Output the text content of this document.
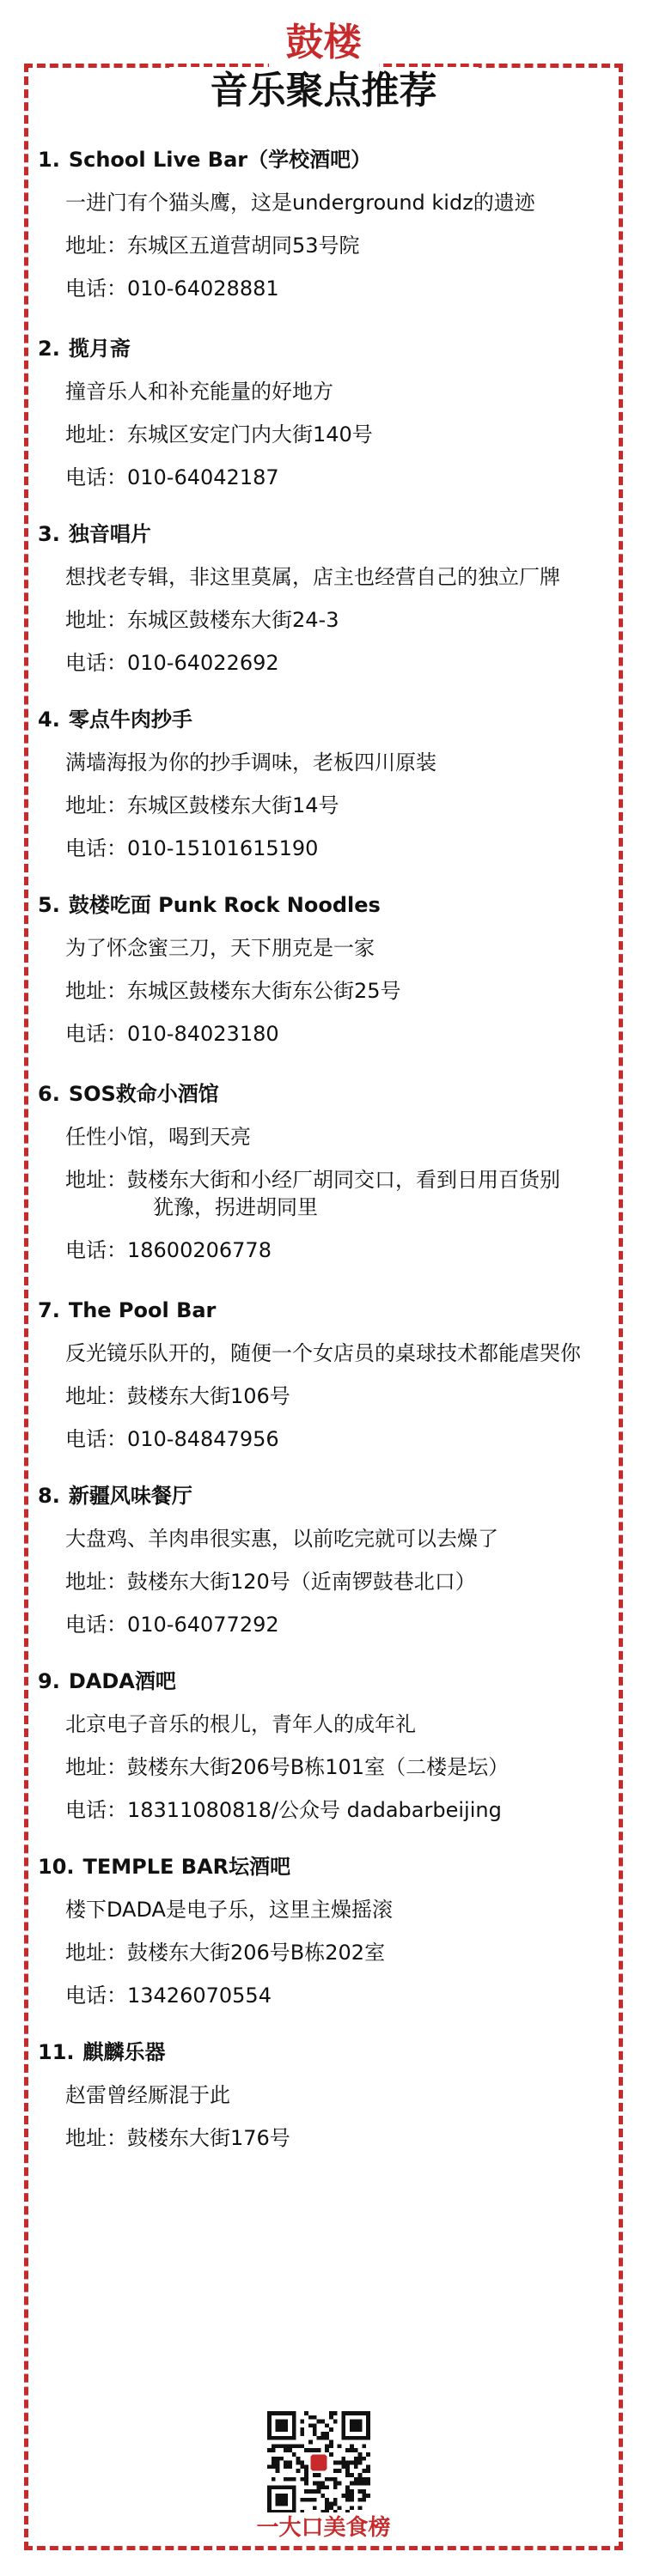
鼓楼
音乐聚点推荐
1. School Live Bar（学校酒吧）
一进门有个猫头鹰，这是underground kidz的遗迹
地址：东城区五道营胡同53号院
电话：010-64028881
2. 揽月斋
撞音乐人和补充能量的好地方
地址：东城区安定门内大街140号
电话：010-64042187
3. 独音唱片
想找老专辑，非这里莫属，店主也经营自己的独立厂牌
地址：东城区鼓楼东大街24-3
电话：010-64022692
4. 零点牛肉抄手
满墙海报为你的抄手调味，老板四川原装
地址：东城区鼓楼东大街14号
电话：010-15101615190
5. 鼓楼吃面 Punk Rock Noodles
为了怀念蜜三刀，天下朋克是一家
地址：东城区鼓楼东大街东公街25号
电话：010-84023180
6. SOS救命小酒馆
任性小馆，喝到天亮
地址：鼓楼东大街和小经厂胡同交口，看到日用百货别
犹豫，拐进胡同里
电话：18600206778
7. The Pool Bar
反光镜乐队开的，随便一个女店员的桌球技术都能虐哭你
地址：鼓楼东大街106号
电话：010-84847956
8. 新疆风味餐厅
大盘鸡、羊肉串很实惠，以前吃完就可以去燥了
地址：鼓楼东大街120号（近南锣鼓巷北口）
电话：010-64077292
9. DADA酒吧
北京电子音乐的根儿，青年人的成年礼
地址：鼓楼东大街206号B栋101室（二楼是坛）
电话：18311080818/公众号 dadabarbeijing
10. TEMPLE BAR坛酒吧
楼下DADA是电子乐，这里主燥摇滚
地址：鼓楼东大街206号B栋202室
电话：13426070554
11. 麒麟乐器
赵雷曾经厮混于此
地址：鼓楼东大街176号
一大口美食榜
